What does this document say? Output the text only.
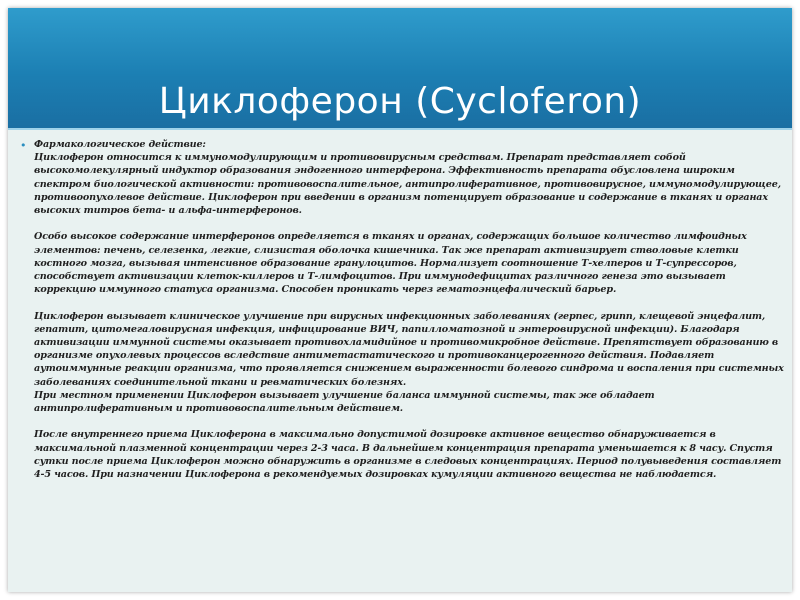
Циклоферон (Cycloferon)
• Фармакологическое действие:
Циклоферон относится к иммуномодулирующим и противовирусным средствам. Препарат представляет собой высокомолекулярный индуктор образования эндогенного интерферона. Эффективность препарата обусловлена широким спектром биологической активности: противовоспалительное, антипролиферативное, противовирусное, иммуномодулирующее, противоопухолевое действие. Циклоферон при введении в организм потенцирует образование и содержание в тканях и органах высоких титров бета- и альфа-интерферонов.

Особо высокое содержание интерферонов определяется в тканях и органах, содержащих большое количество лимфоидных элементов: печень, селезенка, легкие, слизистая оболочка кишечника. Так же препарат активизирует стволовые клетки костного мозга, вызывая интенсивное образование гранулоцитов. Нормализует соотношение Т-хелперов и Т-супрессоров, способствует активизации клеток-киллеров и Т-лимфоцитов. При иммунодефицитах различного генеза это вызывает коррекцию иммунного статуса организма. Способен проникать через гематоэнцефалический барьер.

Циклоферон вызывает клиническое улучшение при вирусных инфекционных заболеваниях (герпес, грипп, клещевой энцефалит, гепатит, цитомегаловирусная инфекция, инфицирование ВИЧ, папилломатозной и энтеровирусной инфекции). Благодаря активизации иммунной системы оказывает противохламидийное и противомикробное действие. Препятствует образованию в организме опухолевых процессов вследствие антиметастатического и противоканцерогенного действия. Подавляет аутоиммунные реакции организма, что проявляется снижением выраженности болевого синдрома и воспаления при системных заболеваниях соединительной ткани и ревматических болезнях.
При местном применении Циклоферон вызывает улучшение баланса иммунной системы, так же обладает антипролиферативным и противовоспалительным действием.

После внутреннего приема Циклоферона в максимально допустимой дозировке активное вещество обнаруживается в максимальной плазменной концентрации через 2-3 часа. В дальнейшем концентрация препарата уменьшается к 8 часу. Спустя сутки после приема Циклоферон можно обнаружить в организме в следовых концентрациях. Период полувыведения составляет 4-5 часов. При назначении Циклоферона в рекомендуемых дозировках кумуляции активного вещества не наблюдается.
